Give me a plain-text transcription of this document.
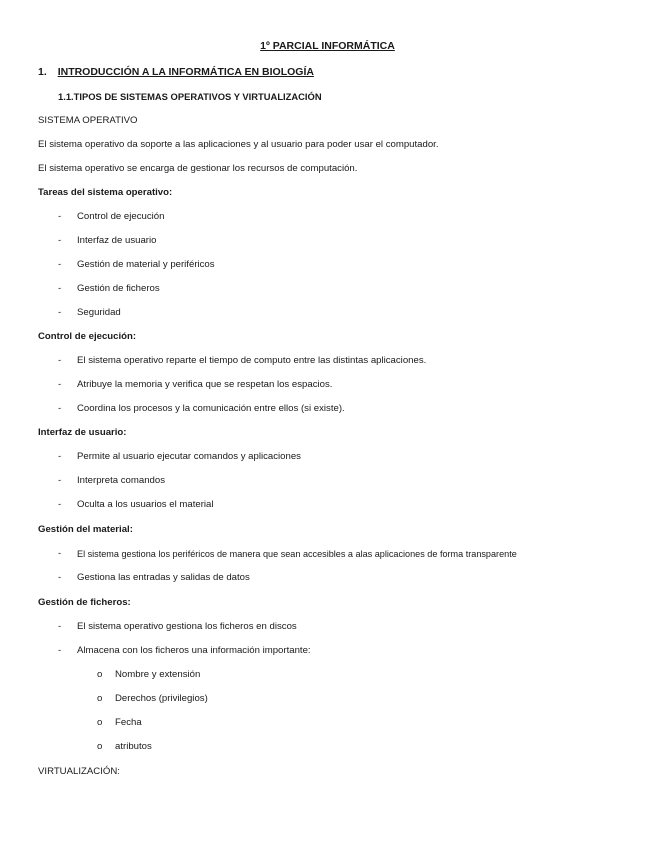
1º PARCIAL INFORMÁTICA
1. INTRODUCCIÓN A LA INFORMÁTICA EN BIOLOGÍA
1.1.TIPOS DE SISTEMAS OPERATIVOS Y VIRTUALIZACIÓN
SISTEMA OPERATIVO
El sistema operativo da soporte a las aplicaciones y al usuario para poder usar el computador.
El sistema operativo se encarga de gestionar los recursos de computación.
Tareas del sistema operativo:
- Control de ejecución
- Interfaz de usuario
- Gestión de material y periféricos
- Gestión de ficheros
- Seguridad
Control de ejecución:
- El sistema operativo reparte el tiempo de computo entre las distintas aplicaciones.
- Atribuye la memoria y verifica que se respetan los espacios.
- Coordina los procesos y la comunicación entre ellos (si existe).
Interfaz de usuario:
- Permite al usuario ejecutar comandos y aplicaciones
- Interpreta comandos
- Oculta a los usuarios el material
Gestión del material:
- El sistema gestiona los periféricos de manera que sean accesibles a alas aplicaciones de forma transparente
- Gestiona las entradas y salidas de datos
Gestión de ficheros:
- El sistema operativo gestiona los ficheros en discos
- Almacena con los ficheros una información importante:
o Nombre y extensión
o Derechos (privilegios)
o Fecha
o atributos
VIRTUALIZACIÓN:
